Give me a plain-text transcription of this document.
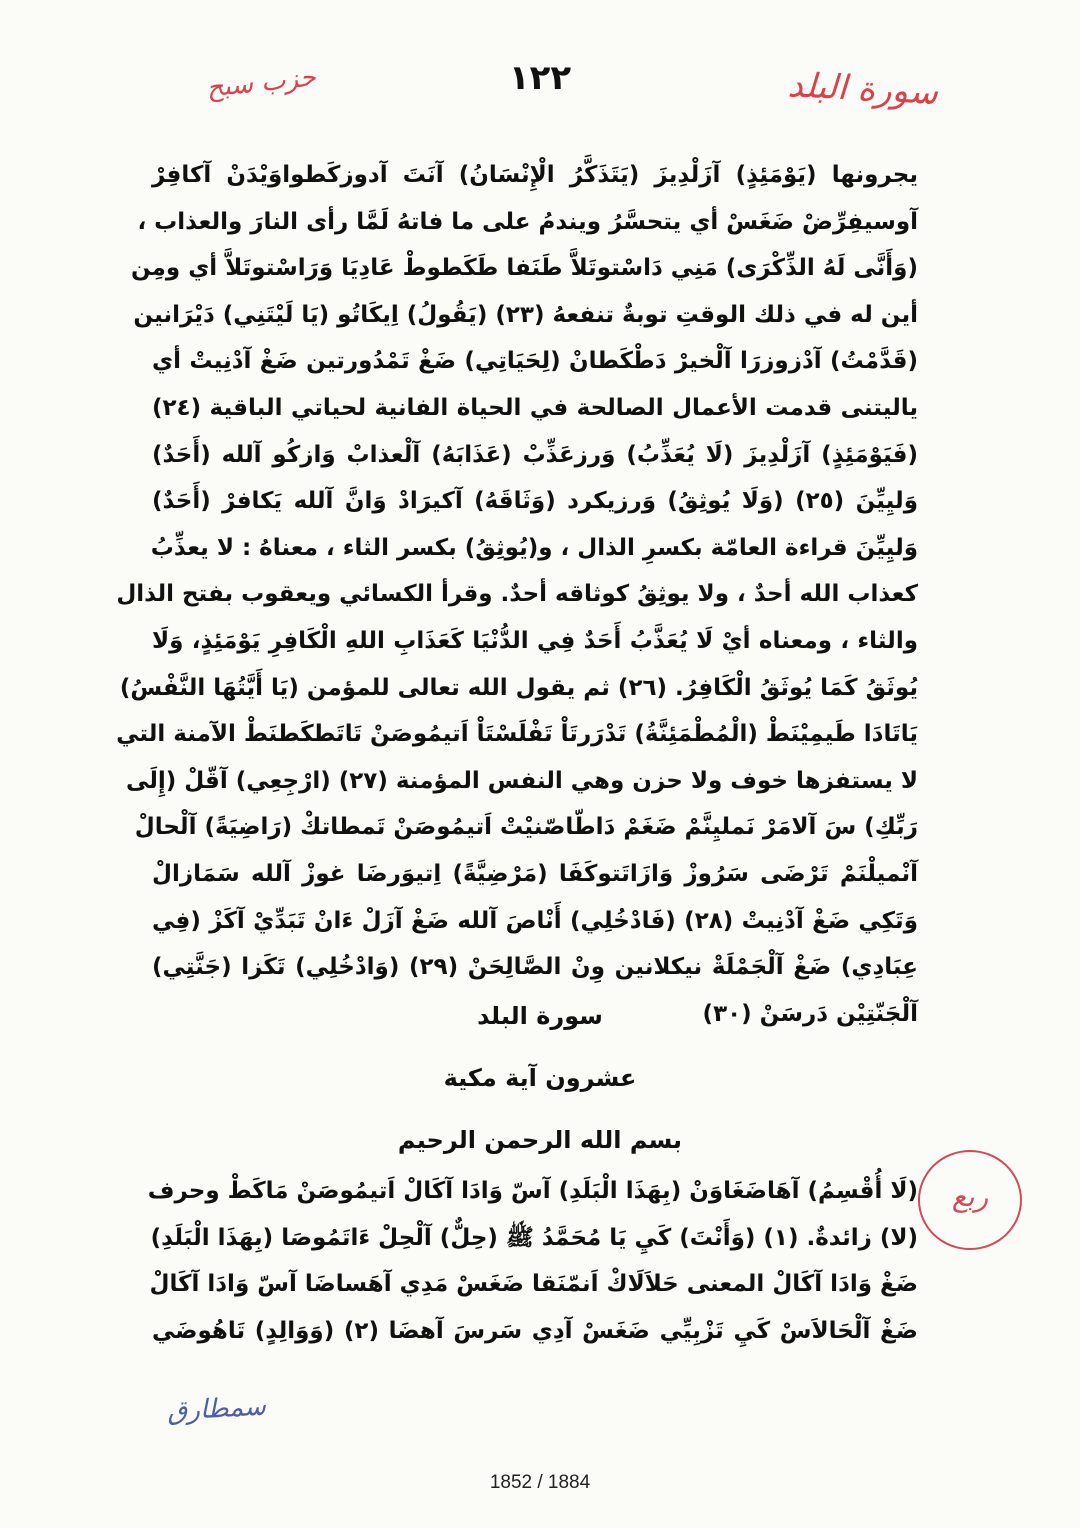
١٢٢	سورة البلد
حزب سبح
يجرونها (يَوْمَئِذٍ) آزَلْدِيزَ (يَتَذَكَّرُ الْإِنْسَانُ) آنَتَ آدوزكَطواوَيْدَنْ آكافِرْ
آوسيفِرِّضْ ضَغَسْ أي يتحسَّرُ ويندمُ على ما فاتهُ لَمَّا رأى النارَ والعذاب ،
(وَأَنَّى لَهُ الذِّكْرَى) مَنِي دَاسْتوتَلاَّ طَنَفا طَكَطوطْ عَادِيَا وَرَاسْتوتَلاَّ أي ومِن
أين له في ذلك الوقتِ توبةٌ تنفعهُ (٢٣) (يَقُولُ) اِيكَاتُو (يَا لَيْتَنِي) دَيْرَانين
(قَدَّمْتُ) آدْزوزرَا آلْخيرْ دَطْكَطانْ (لِحَيَاتِي) ضَغْ تَمْدُورتين ضَغْ آدْنِيتْ أي
ياليتنى قدمت الأعمال الصالحة في الحياة الفانية لحياتي الباقية (٢٤)
(فَيَوْمَئِذٍ) آزَلْدِيزَ (لَا يُعَذِّبُ) وَرزعَذِّبْ (عَذَابَهُ) آلْعذابْ وَازكُو آلله (أَحَدٌ)
وَليِيِّنَ (٢٥) (وَلَا يُوثِقُ) وَرزيكرد (وَثَاقَهُ) آكيرَادْ وَانَّ آلله يَكافرْ (أَحَدٌ)
وَليِيِّنَ قراءة العامّة بكسرِ الذال ، و(يُوثِقُ) بكسر الثاء ، معناهُ : لا يعذِّبُ
كعذاب الله أحدٌ ، ولا يوثِقُ كوثاقه أحدٌ. وقرأ الكسائي ويعقوب بفتح الذال
والثاء ، ومعناه أيْ لَا يُعَذَّبُ أَحَدٌ فِي الدُّنْيَا كَعَذَابِ اللهِ الْكَافِرِ يَوْمَئِذٍ، وَلَا
يُوثَقُ كَمَا يُوثَقُ الْكَافِرُ. (٢٦) ثم يقول الله تعالى للمؤمن (يَا أَيَّتُهَا النَّفْسُ)
يَاتَادَا طَيمِيْنَطْ (الْمُطْمَئِنَّةُ) تَدْرَرتَاْ تَفْلَسْتَاْ اَتيمُوصَنْ تَاتَطكَطنَطْ الآمنة التي
لا يستفزها خوف ولا حزن وهي النفس المؤمنة (٢٧) (ارْجِعِي) آقّلْ (إِلَى
رَبِّكِ) سَ آلامَرْ نَمليِنَّمْ ضَغَمْ دَاطّاصّنيْتْ اَتيمُوصَنْ تَمطاتكْ (رَاضِيَةً) آلْحالْ
آنْميلْنَمْ تَرْضَى سَرُوزْ وَازَاتَتوكَفَا (مَرْضِيَّةً) اِتيوَرضَا غوزْ آلله سَمَازالْ
وَتَكِي ضَغْ آدْنِيتْ (٢٨) (فَادْخُلِي) أَنْاصَ آلله ضَغْ آزَلْ ءَانْ تَبَدِّيْ آكَزْ (فِي
عِبَادِي) ضَغْ آلْجَمْلَةْ نيكلانين وِنْ الصَّالِحَنْ (٢٩) (وَادْخُلِي) تَكَزا (جَنَّتِي)
آلْجَنّتِيْن دَرسَنْ (٣٠)
سورة البلد
عشرون آية مكية
بسم الله الرحمن الرحيم
ربع
(لَا أُقْسِمُ) آهَاضَغَاوَنْ (بِهَذَا الْبَلَدِ) آسّ وَادَا آكَالْ اَتيمُوصَنْ مَاكَطْ وحرف
(لا) زائدةٌ. (١) (وَأَنْتَ) كَيِ يَا مُحَمَّدُ ﷺ (حِلٌّ) آلْحِلْ ءَاتَمُوصَا (بِهَذَا الْبَلَدِ)
ضَغْ وَادَا آكَالْ المعنى حَلاَلَاكْ اَنمّنَقا ضَغَسْ مَدِي آهَساضَا آسّ وَادَا آكَالْ
ضَغْ آلْحَالاَسْ كَيِ تَزْبِيِّي ضَغَسْ آدِي سَرسَ آهضَا (٢) (وَوَالِدٍ) تَاهُوضَي
سمطارق
1852 / 1884
